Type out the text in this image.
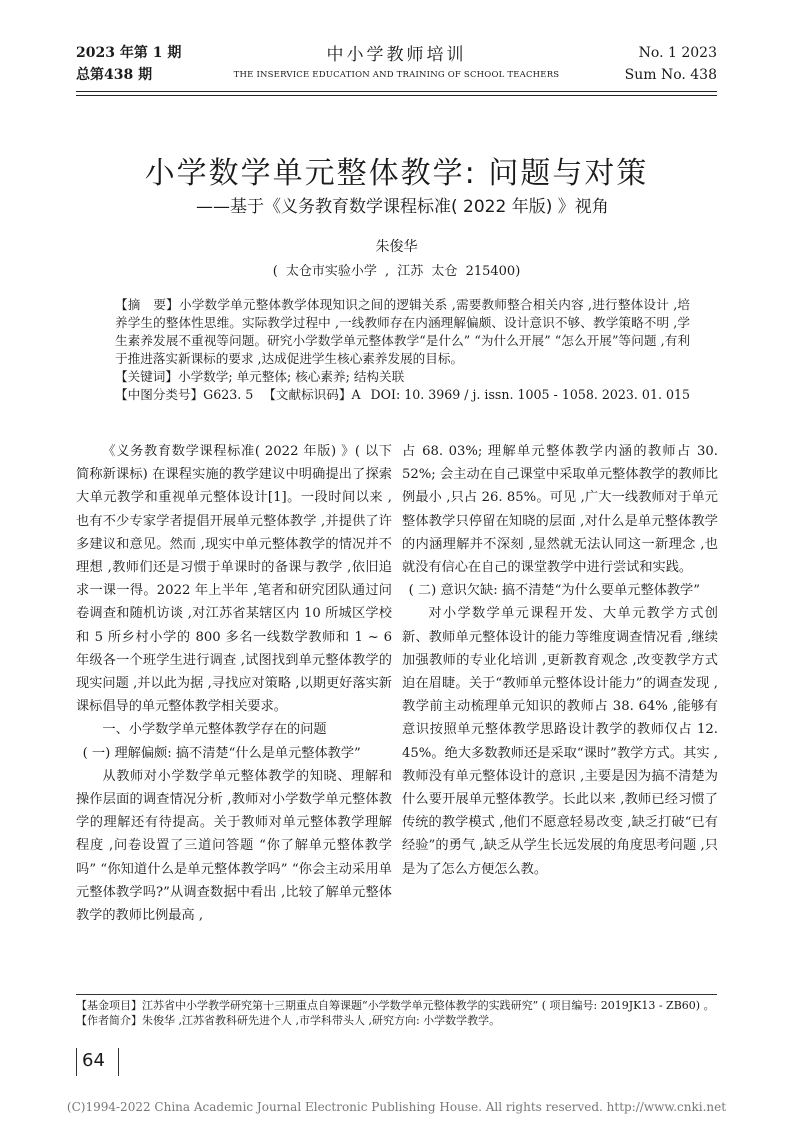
2023 年第 1 期
总第438 期
中小学教师培训
THE INSERVICE EDUCATION AND TRAINING OF SCHOOL TEACHERS
No. 1 2023
Sum No. 438
小学数学单元整体教学: 问题与对策
——基于《义务教育数学课程标准( 2022 年版) 》视角
朱俊华
( 太仓市实验小学 , 江苏 太仓 215400)

【摘　要】小学数学单元整体教学体现知识之间的逻辑关系 ,需要教师整合相关内容 ,进行整体设计 ,培养学生的整体性思维。实际教学过程中 ,一线教师存在内涵理解偏颇、设计意识不够、教学策略不明 ,学生素养发展不重视等问题。研究小学数学单元整体教学“是什么” “为什么开展” “怎么开展”等问题 ,有利于推进落实新课标的要求 ,达成促进学生核心素养发展的目标。

【关键词】小学数学; 单元整体; 核心素养; 结构关联

【中图分类号】G623. 5 【文献标识码】A DOI: 10. 3969 / j. issn. 1005 - 1058. 2023. 01. 015

《义务教育数学课程标准( 2022 年版) 》( 以下简称新课标) 在课程实施的教学建议中明确提出了探索大单元教学和重视单元整体设计[1]。一段时间以来 ,也有不少专家学者提倡开展单元整体教学 ,并提供了许多建议和意见。然而 ,现实中单元整体教学的情况并不理想 ,教师们还是习惯于单课时的备课与教学 ,依旧追求一课一得。2022 年上半年 ,笔者和研究团队通过问卷调查和随机访谈 ,对江苏省某辖区内 10 所城区学校和 5 所乡村小学的 800 多名一线数学教师和 1 ~ 6 年级各一个班学生进行调查 ,试图找到单元整体教学的现实问题 ,并以此为据 ,寻找应对策略 ,以期更好落实新课标倡导的单元整体教学相关要求。

一、小学数学单元整体教学存在的问题

( 一) 理解偏颇: 搞不清楚“什么是单元整体教学”

从教师对小学数学单元整体教学的知晓、理解和操作层面的调查情况分析 ,教师对小学数学单元整体教学的理解还有待提高。关于教师对单元整体教学理解程度 ,问卷设置了三道问答题 “你了解单元整体教学吗” “你知道什么是单元整体教学吗” “你会主动采用单元整体教学吗?”从调查数据中看出 ,比较了解单元整体教学的教师比例最高 ,

占 68. 03%; 理解单元整体教学内涵的教师占 30. 52%; 会主动在自己课堂中采取单元整体教学的教师比例最小 ,只占 26. 85%。可见 ,广大一线教师对于单元整体教学只停留在知晓的层面 ,对什么是单元整体教学的内涵理解并不深刻 ,显然就无法认同这一新理念 ,也就没有信心在自己的课堂教学中进行尝试和实践。

( 二) 意识欠缺: 搞不清楚“为什么要单元整体教学”

对小学数学单元课程开发、大单元教学方式创新、教师单元整体设计的能力等维度调查情况看 ,继续加强教师的专业化培训 ,更新教育观念 ,改变教学方式迫在眉睫。关于“教师单元整体设计能力”的调查发现 ,教学前主动梳理单元知识的教师占 38. 64% ,能够有意识按照单元整体教学思路设计教学的教师仅占 12. 45%。绝大多数教师还是采取“课时”教学方式。其实 ,教师没有单元整体设计的意识 ,主要是因为搞不清楚为什么要开展单元整体教学。长此以来 ,教师已经习惯了传统的教学模式 ,他们不愿意轻易改变 ,缺乏打破“已有经验”的勇气 ,缺乏从学生长远发展的角度思考问题 ,只是为了怎么方便怎么教。

【基金项目】江苏省中小学教学研究第十三期重点自筹课题“小学数学单元整体教学的实践研究” ( 项目编号: 2019JK13 - ZB60) 。

【作者简介】朱俊华 ,江苏省教科研先进个人 ,市学科带头人 ,研究方向: 小学数学教学。

64
(C)1994-2022 China Academic Journal Electronic Publishing House. All rights reserved. http://www.cnki.net
